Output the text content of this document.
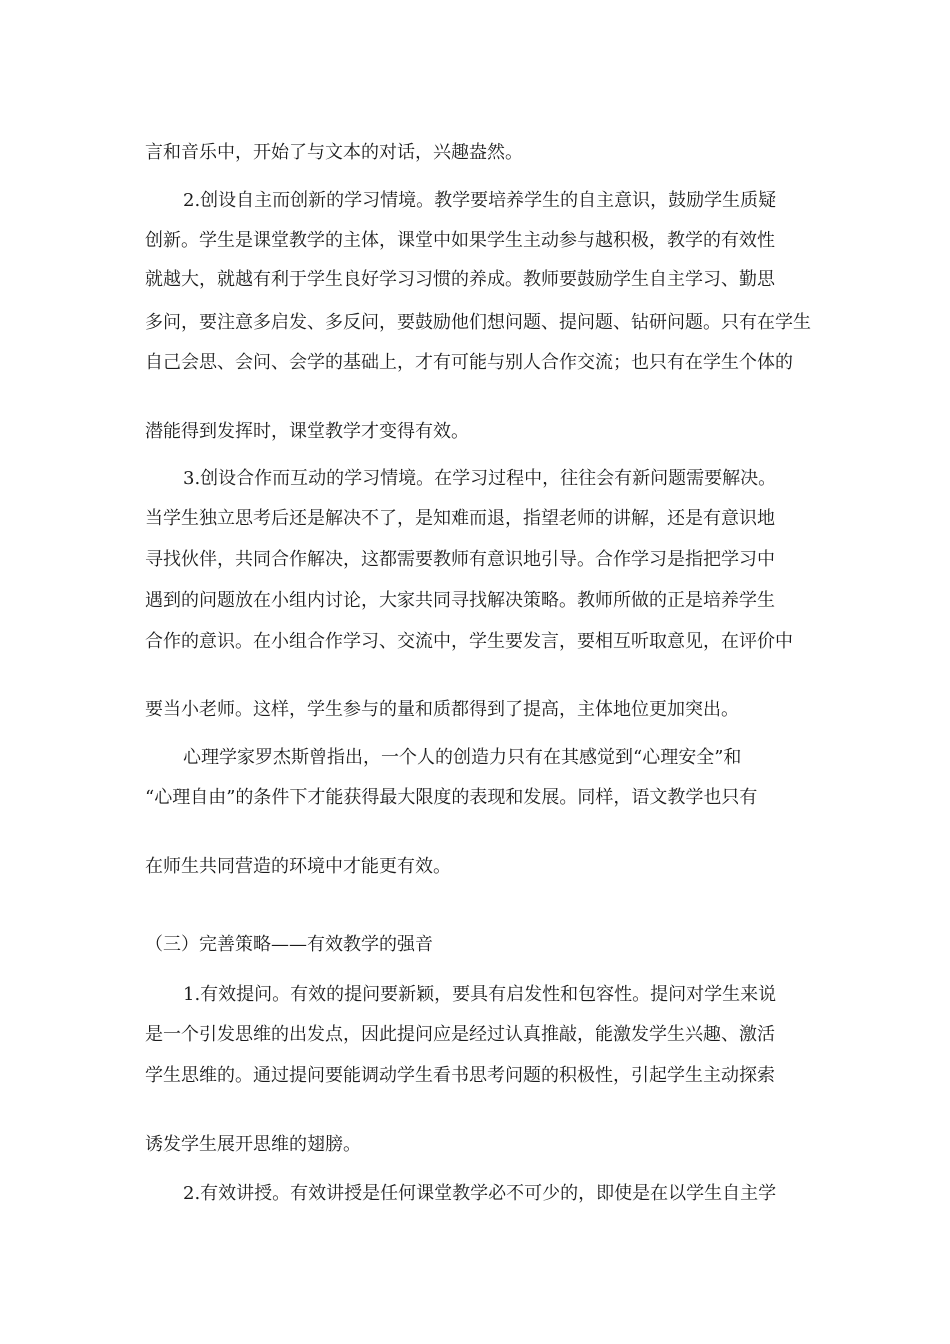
言和音乐中，开始了与文本的对话，兴趣盎然。
2.创设自主而创新的学习情境。教学要培养学生的自主意识，鼓励学生质疑
创新。学生是课堂教学的主体，课堂中如果学生主动参与越积极，教学的有效性
就越大，就越有利于学生良好学习习惯的养成。教师要鼓励学生自主学习、勤思
多问，要注意多启发、多反问，要鼓励他们想问题、提问题、钻研问题。只有在学生
自己会思、会问、会学的基础上，才有可能与别人合作交流；也只有在学生个体的
潜能得到发挥时，课堂教学才变得有效。
3.创设合作而互动的学习情境。在学习过程中，往往会有新问题需要解决。
当学生独立思考后还是解决不了，是知难而退，指望老师的讲解，还是有意识地
寻找伙伴，共同合作解决，这都需要教师有意识地引导。合作学习是指把学习中
遇到的问题放在小组内讨论，大家共同寻找解决策略。教师所做的正是培养学生
合作的意识。在小组合作学习、交流中，学生要发言，要相互听取意见，在评价中
要当小老师。这样，学生参与的量和质都得到了提高，主体地位更加突出。
心理学家罗杰斯曾指出，一个人的创造力只有在其感觉到“心理安全”和
“心理自由”的条件下才能获得最大限度的表现和发展。同样，语文教学也只有
在师生共同营造的环境中才能更有效。
（三）完善策略——有效教学的强音
1.有效提问。有效的提问要新颖，要具有启发性和包容性。提问对学生来说
是一个引发思维的出发点，因此提问应是经过认真推敲，能激发学生兴趣、激活
学生思维的。通过提问要能调动学生看书思考问题的积极性，引起学生主动探索
诱发学生展开思维的翅膀。
2.有效讲授。有效讲授是任何课堂教学必不可少的，即使是在以学生自主学
